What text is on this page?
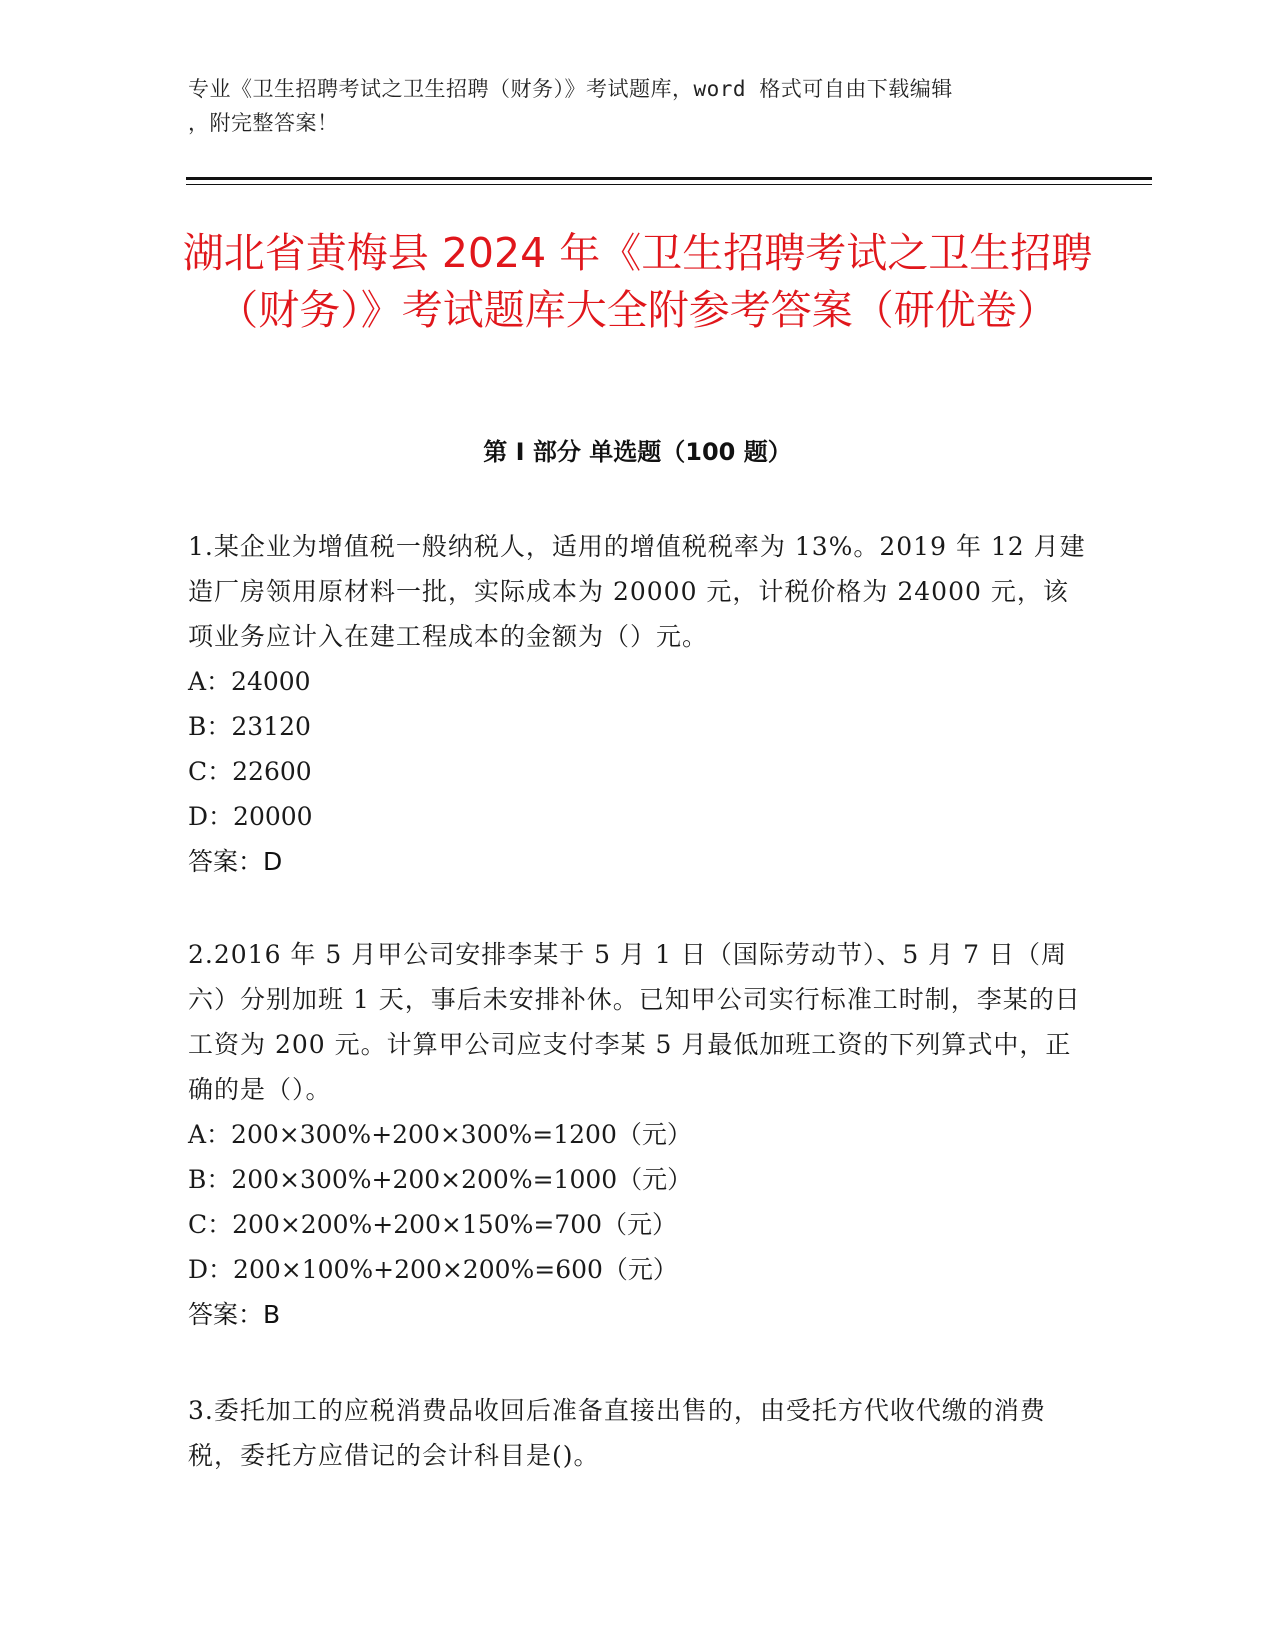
专业《卫生招聘考试之卫生招聘（财务）》考试题库，word 格式可自由下载编辑
，附完整答案！
湖北省黄梅县 2024 年《卫生招聘考试之卫生招聘（财务）》考试题库大全附参考答案（研优卷）
第 I 部分 单选题（100 题）

1.某企业为增值税一般纳税人，适用的增值税税率为 13%。2019 年 12 月建造厂房领用原材料一批，实际成本为 20000 元，计税价格为 24000 元，该项业务应计入在建工程成本的金额为（）元。

A：24000

B：23120

C：22600

D：20000

答案：D

2.2016 年 5 月甲公司安排李某于 5 月 1 日（国际劳动节）、5 月 7 日（周六）分别加班 1 天，事后未安排补休。已知甲公司实行标准工时制，李某的日工资为 200 元。计算甲公司应支付李某 5 月最低加班工资的下列算式中，正确的是（）。

A：200×300%+200×300%=1200（元）

B：200×300%+200×200%=1000（元）

C：200×200%+200×150%=700（元）

D：200×100%+200×200%=600（元）

答案：B

3.委托加工的应税消费品收回后准备直接出售的，由受托方代收代缴的消费税，委托方应借记的会计科目是()。
